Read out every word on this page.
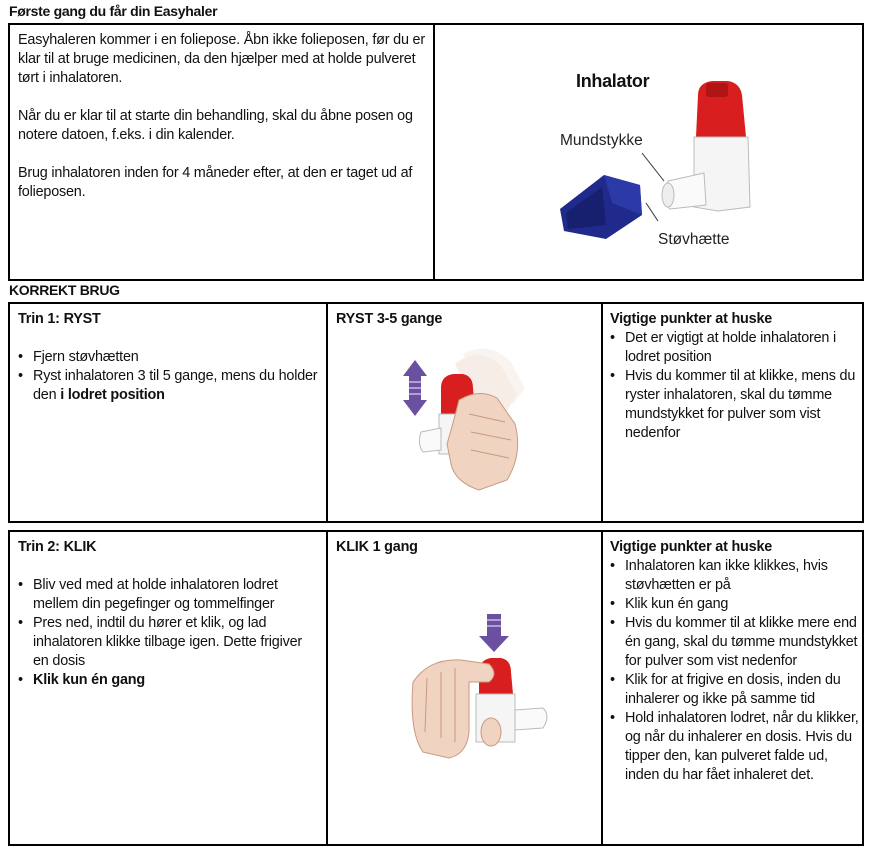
Første gang du får din Easyhaler

Easyhaleren kommer i en foliepose. Åbn ikke folieposen, før du er klar til at bruge medicinen, da den hjælper med at holde pulveret tørt i inhalatoren.

Når du er klar til at starte din behandling, skal du åbne posen og notere datoen, f.eks. i din kalender.

Brug inhalatoren inden for 4 måneder efter, at den er taget ud af folieposen.

Inhalator
Mundstykke
Støvhætte
KORREKT BRUG
Trin 1: RYST
• Fjern støvhætten
• Ryst inhalatoren 3 til 5 gange, mens du holder den i lodret position
RYST 3-5 gange	Vigtige punkter at huske
• Det er vigtigt at holde inhalatoren i lodret position
• Hvis du kommer til at klikke, mens du ryster inhalatoren, skal du tømme mundstykket for pulver som vist nedenfor
Trin 2: KLIK
• Bliv ved med at holde inhalatoren lodret mellem din pegefinger og tommelfinger
• Pres ned, indtil du hører et klik, og lad inhalatoren klikke tilbage igen. Dette frigiver en dosis
• Klik kun én gang
KLIK 1 gang	Vigtige punkter at huske
• Inhalatoren kan ikke klikkes, hvis støvhætten er på
• Klik kun én gang
• Hvis du kommer til at klikke mere end én gang, skal du tømme mundstykket for pulver som vist nedenfor
• Klik for at frigive en dosis, inden du inhalerer og ikke på samme tid
• Hold inhalatoren lodret, når du klikker, og når du inhalerer en dosis. Hvis du tipper den, kan pulveret falde ud, inden du har fået inhaleret det.
